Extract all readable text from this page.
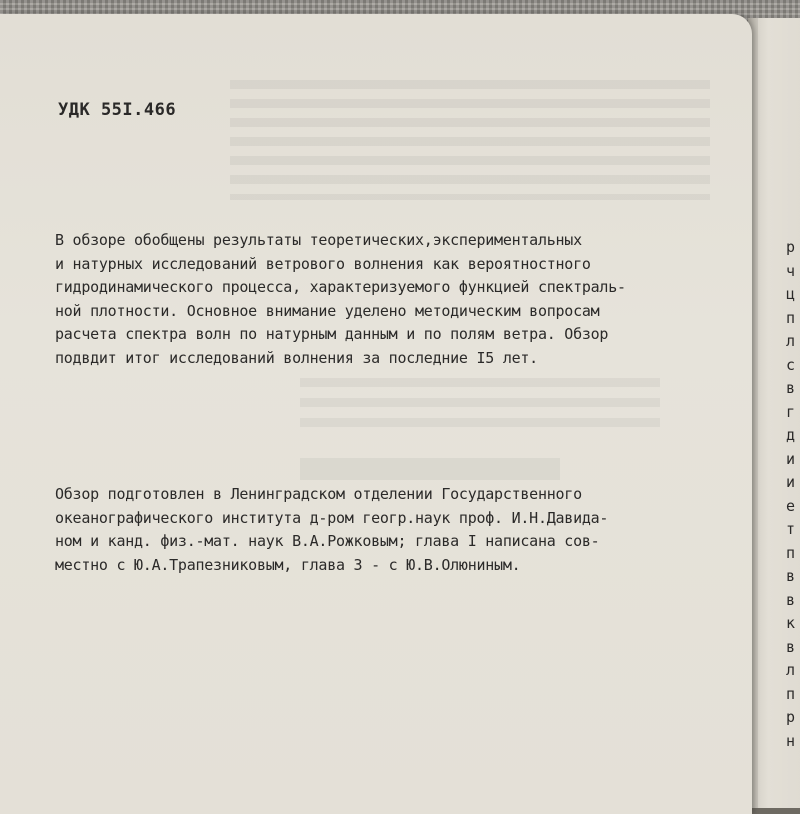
УДК 55I.466
В обзоре обобщены результаты теоретических,экспериментальных
и натурных исследований ветрового волнения как вероятностного
гидродинамического процесса, характеризуемого функцией спектраль-
ной плотности. Основное внимание уделено методическим вопросам
расчета спектра волн по натурным данным и по полям ветра. Обзор
подвдит итог исследований волнения за последние I5 лет.
Обзор подготовлен в Ленинградском отделении Государственного
океанографического института д-ром геогр.наук проф. И.Н.Давида-
ном и канд. физ.-мат. наук В.А.Рожковым; глава I написана сов-
местно с Ю.А.Трапезниковым, глава 3 - с Ю.В.Олюниным.
р
ч
ц
п
л
с
в
г
д
и
и
е
т
п
в
в
к
в
л
п
р
н
